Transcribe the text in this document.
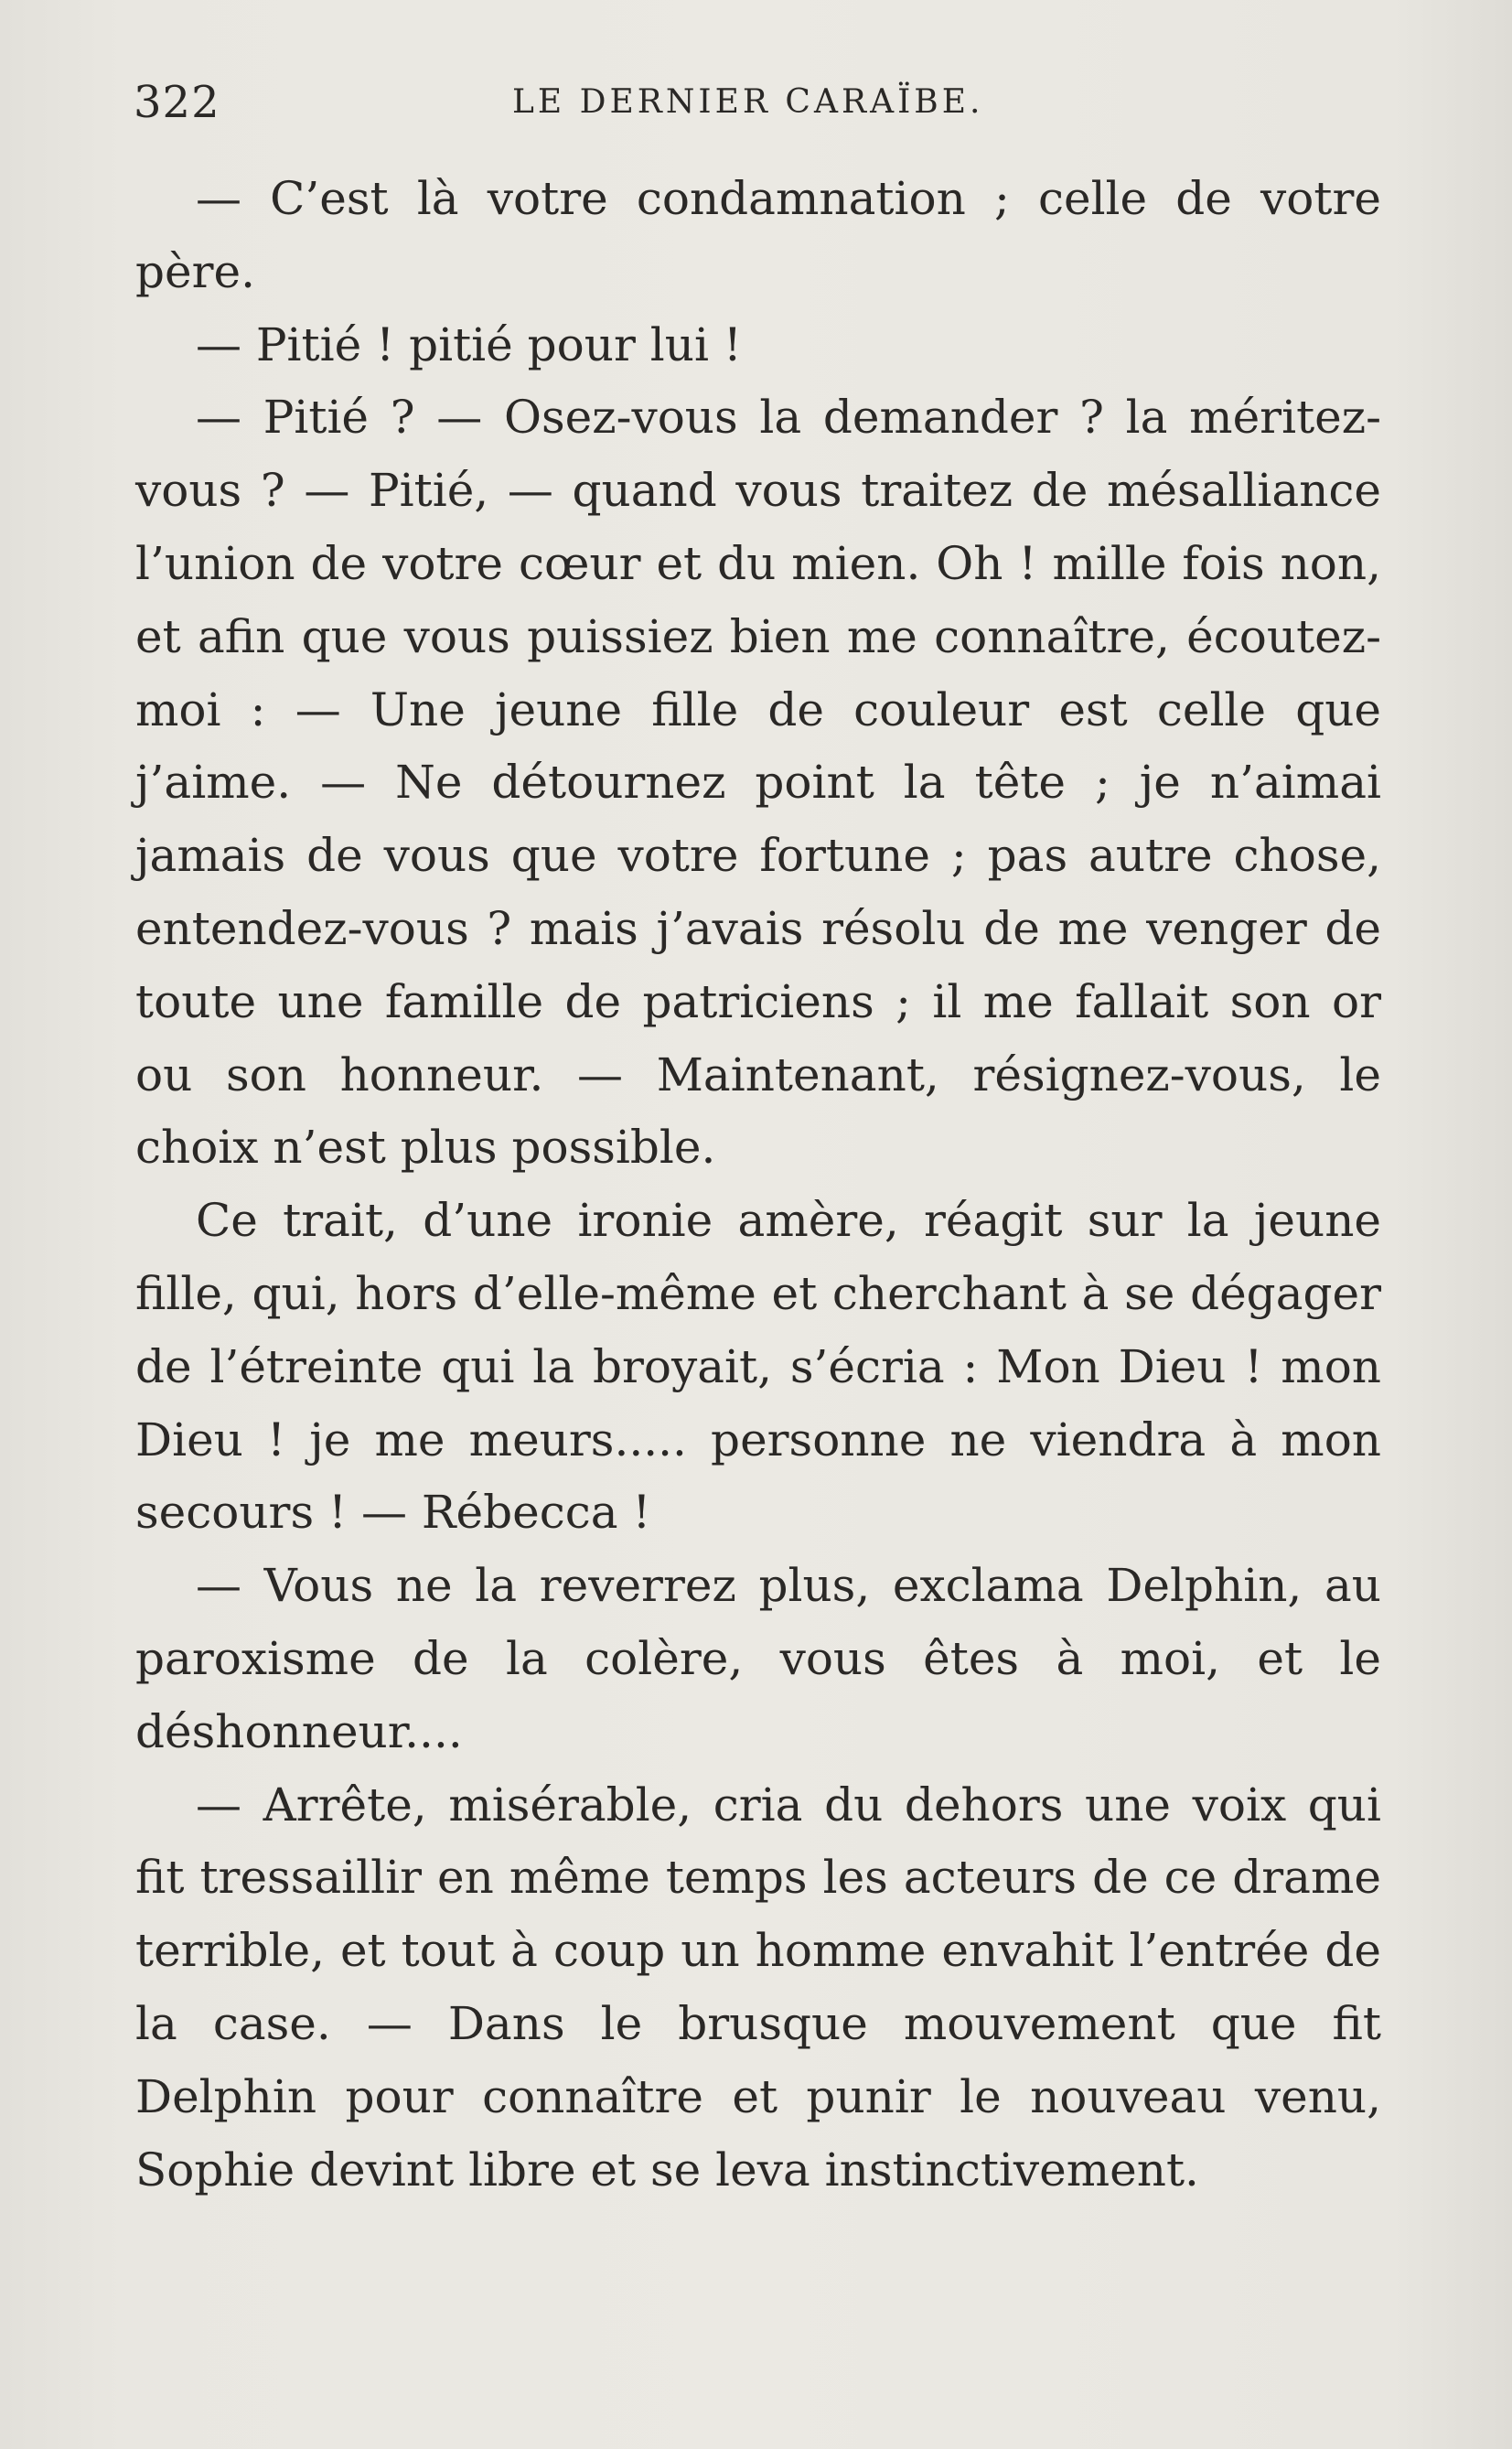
322	LE DERNIER CARAÏBE.

— C’est là votre condamnation ; celle de votre père.

— Pitié ! pitié pour lui !

— Pitié ? — Osez-vous la demander ? la méritez-vous ? — Pitié, — quand vous traitez de mésalliance l’union de votre cœur et du mien. Oh ! mille fois non, et afin que vous puissiez bien me connaître, écoutez-moi : — Une jeune fille de couleur est celle que j’aime. — Ne détournez point la tête ; je n’aimai jamais de vous que votre fortune ; pas autre chose, entendez-vous ? mais j’avais résolu de me venger de toute une famille de patriciens ; il me fallait son or ou son honneur. — Maintenant, résignez-vous, le choix n’est plus possible.

Ce trait, d’une ironie amère, réagit sur la jeune fille, qui, hors d’elle-même et cherchant à se dégager de l’étreinte qui la broyait, s’écria : Mon Dieu ! mon Dieu ! je me meurs..... personne ne viendra à mon secours ! — Rébecca !

— Vous ne la reverrez plus, exclama Delphin, au paroxisme de la colère, vous êtes à moi, et le déshonneur....

— Arrête, misérable, cria du dehors une voix qui fit tressaillir en même temps les acteurs de ce drame terrible, et tout à coup un homme envahit l’entrée de la case. — Dans le brusque mouvement que fit Delphin pour connaître et punir le nouveau venu, Sophie devint libre et se leva instinctivement.
